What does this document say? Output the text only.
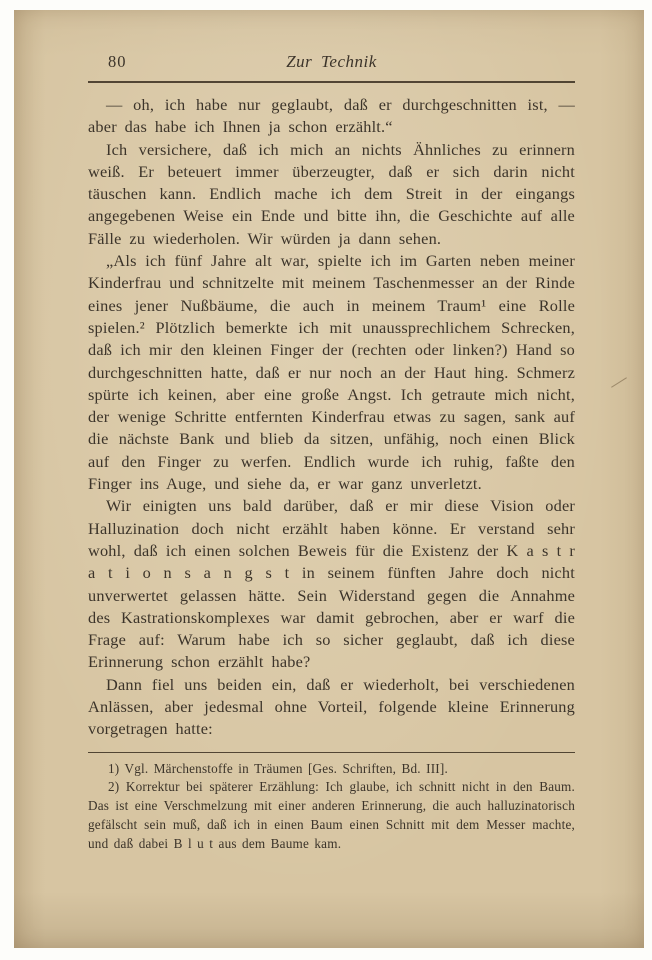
80	Zur Technik

— oh, ich habe nur geglaubt, daß er durchgeschnitten ist, — aber das habe ich Ihnen ja schon erzählt.“

Ich versichere, daß ich mich an nichts Ähnliches zu erinnern weiß. Er beteuert immer überzeugter, daß er sich darin nicht täuschen kann. Endlich mache ich dem Streit in der eingangs angegebenen Weise ein Ende und bitte ihn, die Geschichte auf alle Fälle zu wiederholen. Wir würden ja dann sehen.

„Als ich fünf Jahre alt war, spielte ich im Garten neben meiner Kinderfrau und schnitzelte mit meinem Taschenmesser an der Rinde eines jener Nußbäume, die auch in meinem Traum¹ eine Rolle spielen.² Plötzlich bemerkte ich mit unaussprechlichem Schrecken, daß ich mir den kleinen Finger der (rechten oder linken?) Hand so durchgeschnitten hatte, daß er nur noch an der Haut hing. Schmerz spürte ich keinen, aber eine große Angst. Ich getraute mich nicht, der wenige Schritte entfernten Kinderfrau etwas zu sagen, sank auf die nächste Bank und blieb da sitzen, unfähig, noch einen Blick auf den Finger zu werfen. Endlich wurde ich ruhig, faßte den Finger ins Auge, und siehe da, er war ganz unverletzt.

Wir einigten uns bald darüber, daß er mir diese Vision oder Halluzination doch nicht erzählt haben könne. Er verstand sehr wohl, daß ich einen solchen Beweis für die Existenz der K a s t r a t i o n s a n g s t in seinem fünften Jahre doch nicht unverwertet gelassen hätte. Sein Widerstand gegen die Annahme des Kastrationskomplexes war damit gebrochen, aber er warf die Frage auf: Warum habe ich so sicher geglaubt, daß ich diese Erinnerung schon erzählt habe?

Dann fiel uns beiden ein, daß er wiederholt, bei verschiedenen Anlässen, aber jedesmal ohne Vorteil, folgende kleine Erinnerung vorgetragen hatte:

1) Vgl. Märchenstoffe in Träumen [Ges. Schriften, Bd. III].

2) Korrektur bei späterer Erzählung: Ich glaube, ich schnitt nicht in den Baum. Das ist eine Verschmelzung mit einer anderen Erinnerung, die auch halluzinatorisch gefälscht sein muß, daß ich in einen Baum einen Schnitt mit dem Messer machte, und daß dabei B l u t aus dem Baume kam.
